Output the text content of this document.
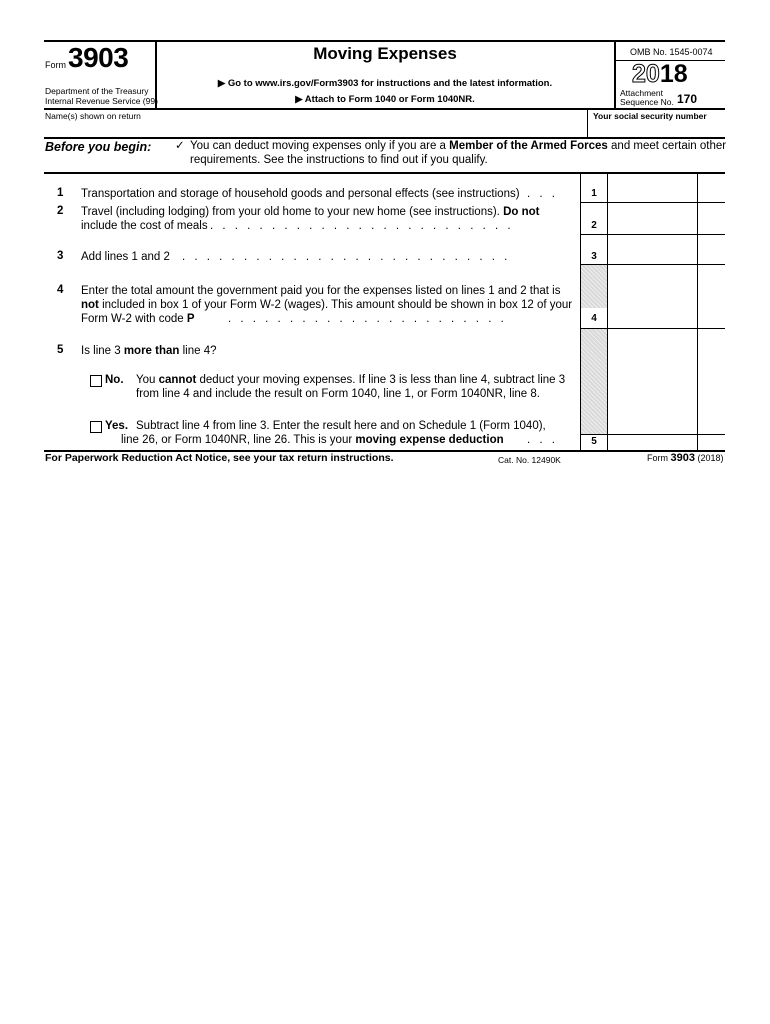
Form 3903
Department of the Treasury
Internal Revenue Service (99)
Moving Expenses
▶ Go to www.irs.gov/Form3903 for instructions and the latest information.
▶ Attach to Form 1040 or Form 1040NR.
OMB No. 1545-0074
2018
Attachment
Sequence No. 170
Name(s) shown on return	Your social security number
Before you begin: ✓ You can deduct moving expenses only if you are a Member of the Armed Forces and meet certain other
requirements. See the instructions to find out if you qualify.
1 Transportation and storage of household goods and personal effects (see instructions) . . .	1
2 Travel (including lodging) from your old home to your new home (see instructions). Do not
include the cost of meals . . . . . . . . . . . . . . . . . . . . . . . . .	2
3 Add lines 1 and 2 . . . . . . . . . . . . . . . . . . . . . . . . . . .	3
4 Enter the total amount the government paid you for the expenses listed on lines 1 and 2 that is
not included in box 1 of your Form W-2 (wages). This amount should be shown in box 12 of your
Form W-2 with code P	. . . . . . . . . . . . . . . . . . . . . . .	4
5 Is line 3 more than line 4?
No. You cannot deduct your moving expenses. If line 3 is less than line 4, subtract line 3
from line 4 and include the result on Form 1040, line 1, or Form 1040NR, line 8.
Yes. Subtract line 4 from line 3. Enter the result here and on Schedule 1 (Form 1040),
line 26, or Form 1040NR, line 26. This is your moving expense deduction . . .	5
For Paperwork Reduction Act Notice, see your tax return instructions.	Cat. No. 12490K	Form 3903 (2018)
